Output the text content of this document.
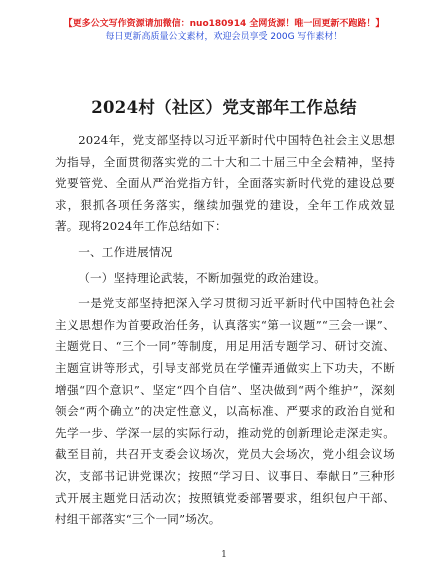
【更多公文写作资源请加微信：nuo180914 全网货源！唯一回更新不跑路！】
每日更新高质量公文素材，欢迎会员享受 200G 写作素材！
2024村（社区）党支部年工作总结

2024年，党支部坚持以习近平新时代中国特色社会主义思想为指导，全面贯彻落实党的二十大和二十届三中全会精神，坚持党要管党、全面从严治党指方针，全面落实新时代党的建设总要求，狠抓各项任务落实，继续加强党的建设，全年工作成效显著。现将2024年工作总结如下：

一、工作进展情况

（一）坚持理论武装，不断加强党的政治建设。

一是党支部坚持把深入学习贯彻习近平新时代中国特色社会主义思想作为首要政治任务，认真落实“第一议题”“三会一课”、主题党日、“三个一同”等制度，用足用活专题学习、研讨交流、主题宣讲等形式，引导支部党员在学懂弄通做实上下功夫，不断增强“四个意识”、坚定“四个自信”、坚决做到“两个维护”，深刻领会“两个确立”的决定性意义，以高标准、严要求的政治自觉和先学一步、学深一层的实际行动，推动党的创新理论走深走实。截至目前，共召开支委会议场次，党员大会场次，党小组会议场次，支部书记讲党课次；按照“学习日、议事日、奉献日”三种形式开展主题党日活动次；按照镇党委部署要求，组织包户干部、村组干部落实“三个一同”场次。

1
